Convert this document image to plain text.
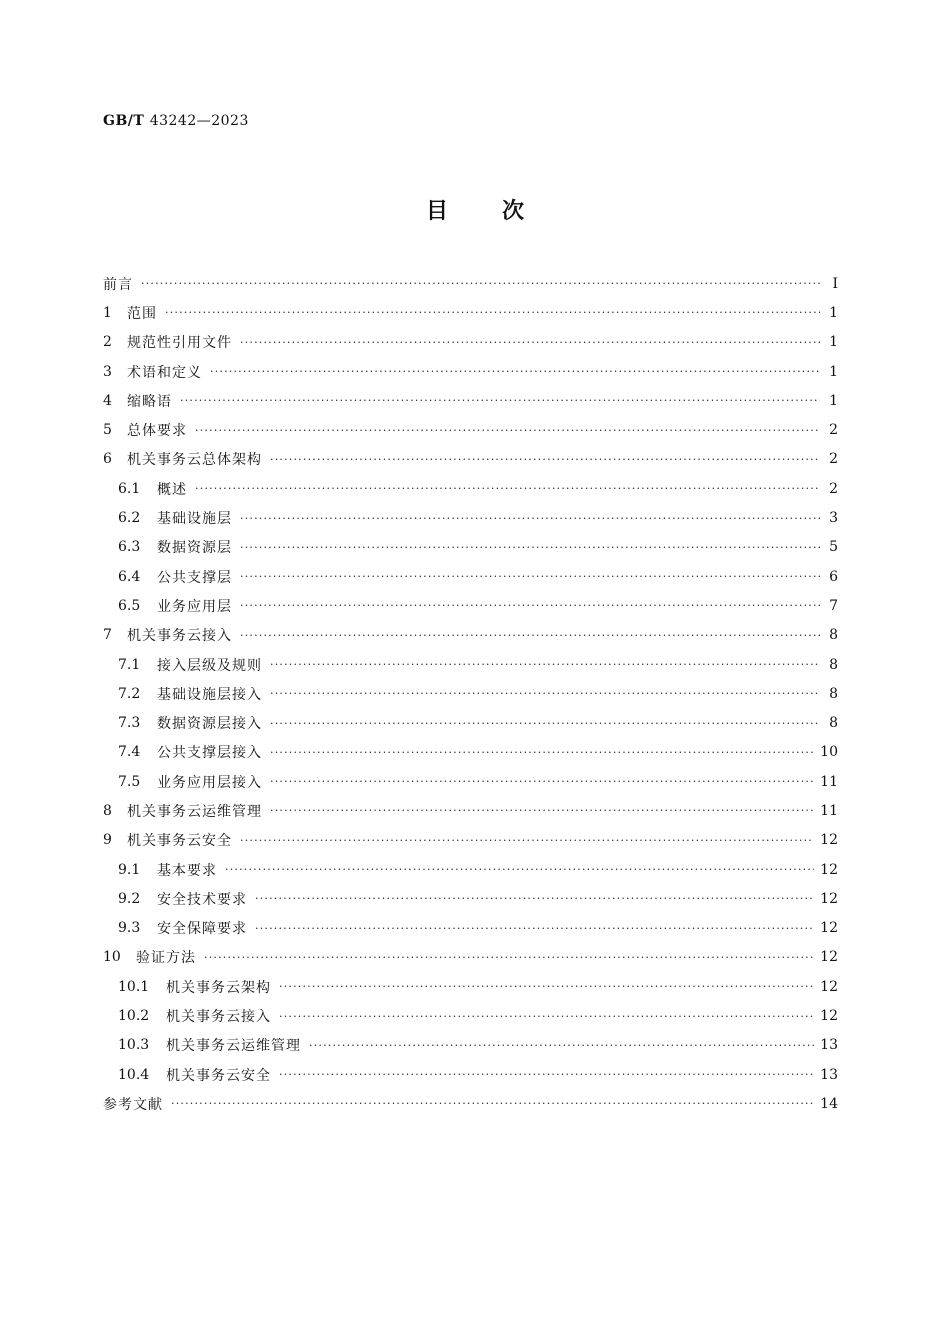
GB/T 43242—2023
目 次
前言 ·····	Ⅰ
1	范围 ·····	1
2	规范性引用文件 ·····	1
3	术语和定义 ·····	1
4	缩略语 ·····	1
5	总体要求 ·····	2
6	机关事务云总体架构 ·····	2
6.1	概述 ·····	2
6.2	基础设施层 ·····	3
6.3	数据资源层 ·····	5
6.4	公共支撑层 ·····	6
6.5	业务应用层 ·····	7
7	机关事务云接入 ·····	8
7.1	接入层级及规则 ·····	8
7.2	基础设施层接入 ·····	8
7.3	数据资源层接入 ·····	8
7.4	公共支撑层接入 ·····	10
7.5	业务应用层接入 ·····	11
8	机关事务云运维管理 ·····	11
9	机关事务云安全 ·····	12
9.1	基本要求 ·····	12
9.2	安全技术要求 ·····	12
9.3	安全保障要求 ·····	12
10	验证方法 ·····	12
10.1	机关事务云架构 ·····	12
10.2	机关事务云接入 ·····	12
10.3	机关事务云运维管理 ·····	13
10.4	机关事务云安全 ·····	13
参考文献 ·····	14
